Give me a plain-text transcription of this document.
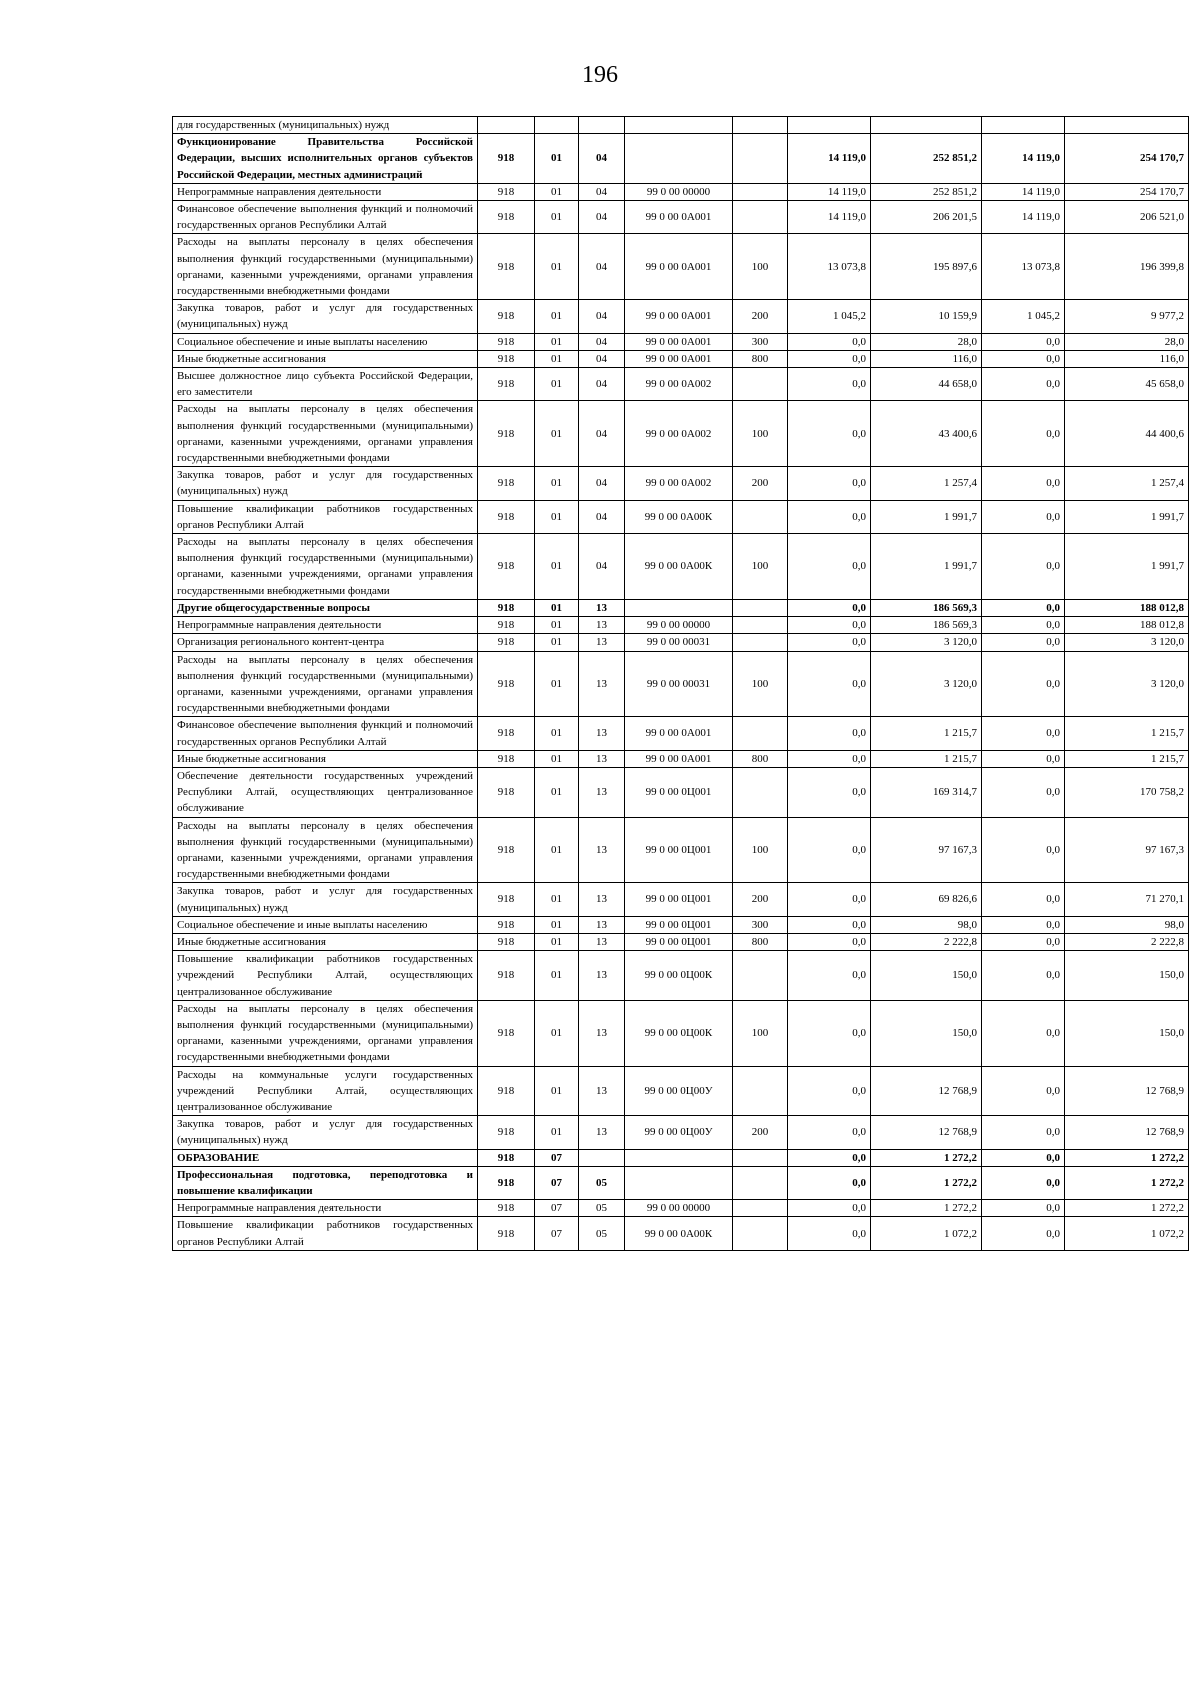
196
для государственных (муниципальных) нужд									
Функционирование Правительства Российской Федерации, высших исполнительных органов субъектов Российской Федерации, местных администраций	918	01	04			14 119,0	252 851,2	14 119,0	254 170,7
Непрограммные направления деятельности	918	01	04	99 0 00 00000		14 119,0	252 851,2	14 119,0	254 170,7
Финансовое обеспечение выполнения функций и полномочий государственных органов Республики Алтай	918	01	04	99 0 00 0А001		14 119,0	206 201,5	14 119,0	206 521,0
Расходы на выплаты персоналу в целях обеспечения выполнения функций государственными (муниципальными) органами, казенными учреждениями, органами управления государственными внебюджетными фондами	918	01	04	99 0 00 0А001	100	13 073,8	195 897,6	13 073,8	196 399,8
Закупка товаров, работ и услуг для государственных (муниципальных) нужд	918	01	04	99 0 00 0А001	200	1 045,2	10 159,9	1 045,2	9 977,2
Социальное обеспечение и иные выплаты населению	918	01	04	99 0 00 0А001	300	0,0	28,0	0,0	28,0
Иные бюджетные ассигнования	918	01	04	99 0 00 0А001	800	0,0	116,0	0,0	116,0
Высшее должностное лицо субъекта Российской Федерации, его заместители	918	01	04	99 0 00 0А002		0,0	44 658,0	0,0	45 658,0
Расходы на выплаты персоналу в целях обеспечения выполнения функций государственными (муниципальными) органами, казенными учреждениями, органами управления государственными внебюджетными фондами	918	01	04	99 0 00 0А002	100	0,0	43 400,6	0,0	44 400,6
Закупка товаров, работ и услуг для государственных (муниципальных) нужд	918	01	04	99 0 00 0А002	200	0,0	1 257,4	0,0	1 257,4
Повышение квалификации работников государственных органов Республики Алтай	918	01	04	99 0 00 0А00К		0,0	1 991,7	0,0	1 991,7
Расходы на выплаты персоналу в целях обеспечения выполнения функций государственными (муниципальными) органами, казенными учреждениями, органами управления государственными внебюджетными фондами	918	01	04	99 0 00 0А00К	100	0,0	1 991,7	0,0	1 991,7
Другие общегосударственные вопросы	918	01	13			0,0	186 569,3	0,0	188 012,8
Непрограммные направления деятельности	918	01	13	99 0 00 00000		0,0	186 569,3	0,0	188 012,8
Организация регионального контент-центра	918	01	13	99 0 00 00031		0,0	3 120,0	0,0	3 120,0
Расходы на выплаты персоналу в целях обеспечения выполнения функций государственными (муниципальными) органами, казенными учреждениями, органами управления государственными внебюджетными фондами	918	01	13	99 0 00 00031	100	0,0	3 120,0	0,0	3 120,0
Финансовое обеспечение выполнения функций и полномочий государственных органов Республики Алтай	918	01	13	99 0 00 0А001		0,0	1 215,7	0,0	1 215,7
Иные бюджетные ассигнования	918	01	13	99 0 00 0А001	800	0,0	1 215,7	0,0	1 215,7
Обеспечение деятельности государственных учреждений Республики Алтай, осуществляющих централизованное обслуживание	918	01	13	99 0 00 0Ц001		0,0	169 314,7	0,0	170 758,2
Расходы на выплаты персоналу в целях обеспечения выполнения функций государственными (муниципальными) органами, казенными учреждениями, органами управления государственными внебюджетными фондами	918	01	13	99 0 00 0Ц001	100	0,0	97 167,3	0,0	97 167,3
Закупка товаров, работ и услуг для государственных (муниципальных) нужд	918	01	13	99 0 00 0Ц001	200	0,0	69 826,6	0,0	71 270,1
Социальное обеспечение и иные выплаты населению	918	01	13	99 0 00 0Ц001	300	0,0	98,0	0,0	98,0
Иные бюджетные ассигнования	918	01	13	99 0 00 0Ц001	800	0,0	2 222,8	0,0	2 222,8
Повышение квалификации работников государственных учреждений Республики Алтай, осуществляющих централизованное обслуживание	918	01	13	99 0 00 0Ц00К		0,0	150,0	0,0	150,0
Расходы на выплаты персоналу в целях обеспечения выполнения функций государственными (муниципальными) органами, казенными учреждениями, органами управления государственными внебюджетными фондами	918	01	13	99 0 00 0Ц00К	100	0,0	150,0	0,0	150,0
Расходы на коммунальные услуги государственных учреждений Республики Алтай, осуществляющих централизованное обслуживание	918	01	13	99 0 00 0Ц00У		0,0	12 768,9	0,0	12 768,9
Закупка товаров, работ и услуг для государственных (муниципальных) нужд	918	01	13	99 0 00 0Ц00У	200	0,0	12 768,9	0,0	12 768,9
ОБРАЗОВАНИЕ	918	07				0,0	1 272,2	0,0	1 272,2
Профессиональная подготовка, переподготовка и повышение квалификации	918	07	05			0,0	1 272,2	0,0	1 272,2
Непрограммные направления деятельности	918	07	05	99 0 00 00000		0,0	1 272,2	0,0	1 272,2
Повышение квалификации работников государственных органов Республики Алтай	918	07	05	99 0 00 0А00К		0,0	1 072,2	0,0	1 072,2
